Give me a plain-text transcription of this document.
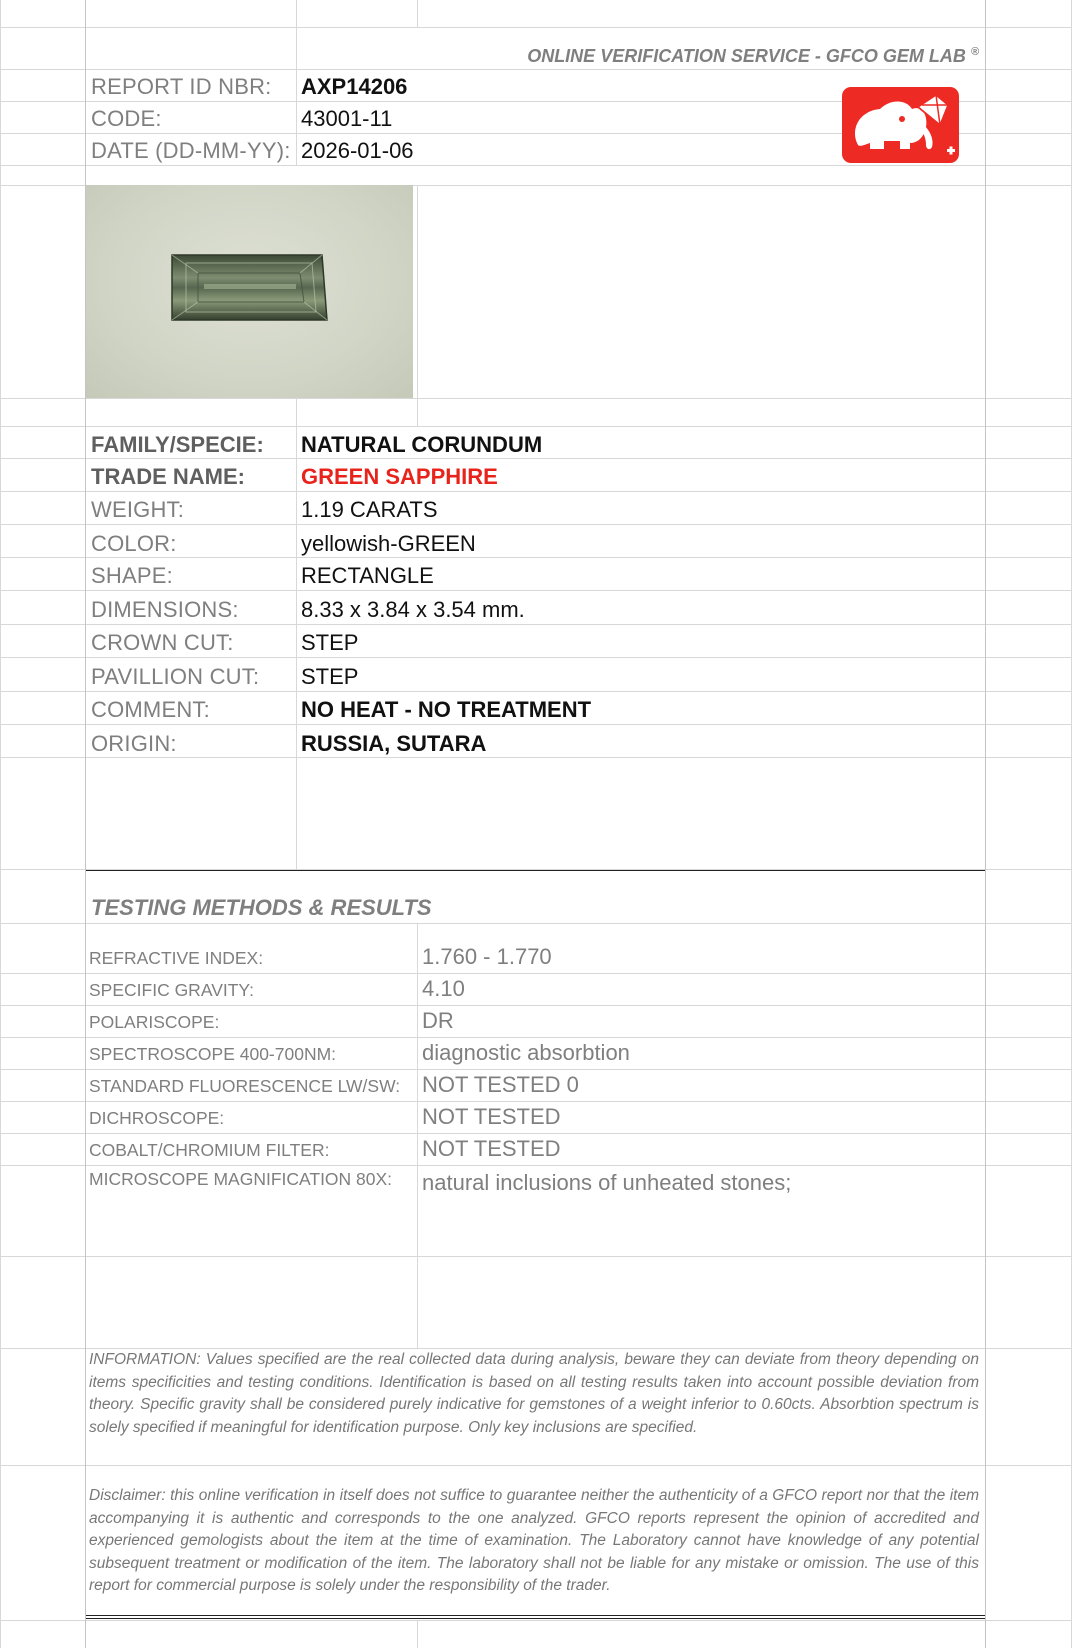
ONLINE VERIFICATION SERVICE - GFCO GEM LAB ®
REPORT ID NBR: AXP14206
CODE:	43001-11
DATE (DD-MM-YY): 2026-01-06
FAMILY/SPECIE: NATURAL CORUNDUM
TRADE NAME:	GREEN SAPPHIRE
WEIGHT:	1.19 CARATS
COLOR:	yellowish-GREEN
SHAPE:	RECTANGLE
DIMENSIONS:	8.33 x 3.84 x 3.54 mm.
CROWN CUT:	STEP
PAVILLION CUT: STEP
COMMENT:	NO HEAT - NO TREATMENT
ORIGIN:	RUSSIA, SUTARA
TESTING METHODS & RESULTS
REFRACTIVE INDEX:	1.760 - 1.770
SPECIFIC GRAVITY:	4.10
POLARISCOPE:	DR
SPECTROSCOPE 400-700NM:	diagnostic absorbtion
STANDARD FLUORESCENCE LW/SW: NOT TESTED 0
DICHROSCOPE:	NOT TESTED
COBALT/CHROMIUM FILTER:	NOT TESTED
MICROSCOPE MAGNIFICATION 80X: natural inclusions of unheated stones;
INFORMATION: Values specified are the real collected data during analysis, beware they can deviate from theory depending on items specificities and testing conditions. Identification is based on all testing results taken into account possible deviation from theory. Specific gravity shall be considered purely indicative for gemstones of a weight inferior to 0.60cts. Absorbtion spectrum is solely specified if meaningful for identification purpose. Only key inclusions are specified.
Disclaimer: this online verification in itself does not suffice to guarantee neither the authenticity of a GFCO report nor that the item accompanying it is authentic and corresponds to the one analyzed. GFCO reports represent the opinion of accredited and experienced gemologists about the item at the time of examination. The Laboratory cannot have knowledge of any potential subsequent treatment or modification of the item. The laboratory shall not be liable for any mistake or omission. The use of this report for commercial purpose is solely under the responsibility of the trader.
